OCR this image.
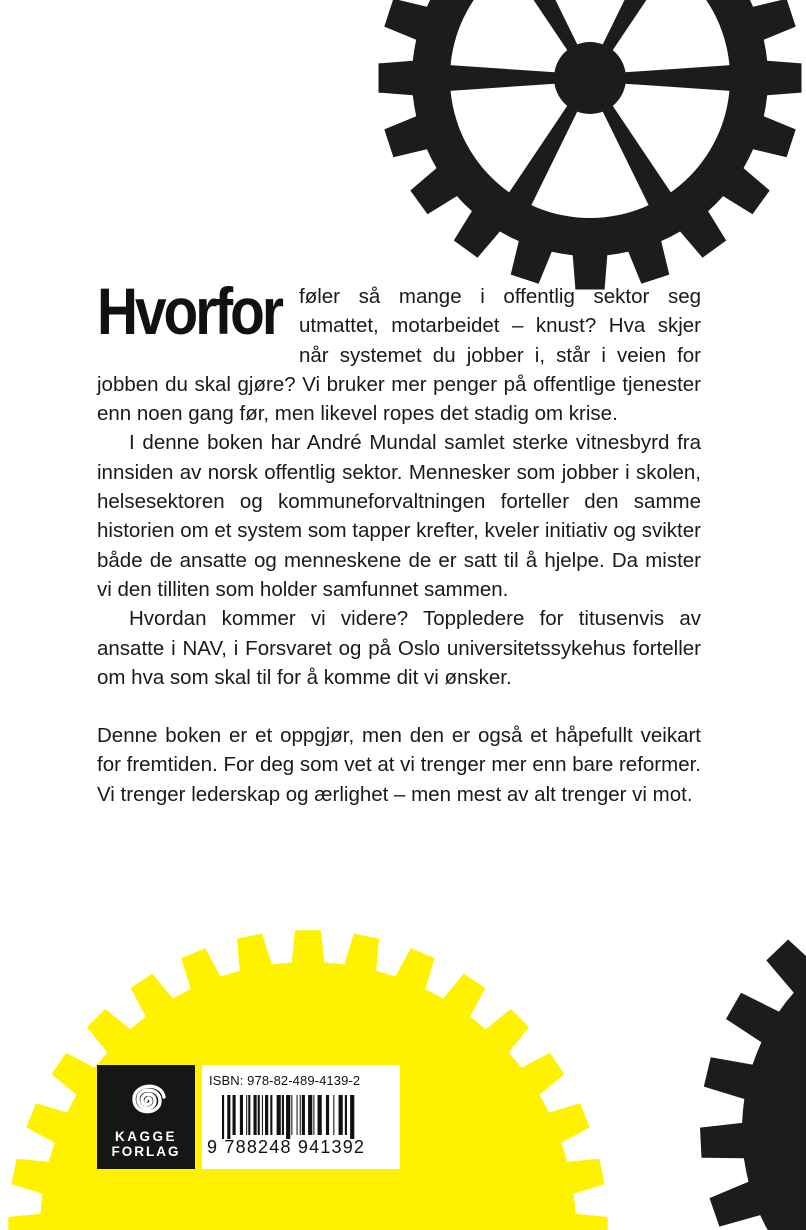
Hvorfor føler så mange i offentlig sektor seg utmattet, motarbeidet – knust? Hva skjer når systemet du jobber i, står i veien for jobben du skal gjøre? Vi bruker mer penger på offentlige tjenester enn noen gang før, men likevel ropes det stadig om krise.

I denne boken har André Mundal samlet sterke vitnesbyrd fra innsiden av norsk offentlig sektor. Mennesker som jobber i skolen, helsesektoren og kommuneforvaltningen forteller den samme historien om et system som tapper krefter, kveler initiativ og svikter både de ansatte og menneskene de er satt til å hjelpe. Da mister vi den tilliten som holder samfunnet sammen.

Hvordan kommer vi videre? Toppledere for titusenvis av ansatte i NAV, i Forsvaret og på Oslo universitetssykehus forteller om hva som skal til for å komme dit vi ønsker.

Denne boken er et oppgjør, men den er også et håpefullt veikart for fremtiden. For deg som vet at vi trenger mer enn bare reformer. Vi trenger lederskap og ærlighet – men mest av alt trenger vi mot.

KAGGE
FORLAG
ISBN: 978-82-489-4139-2
9 788248 941392
